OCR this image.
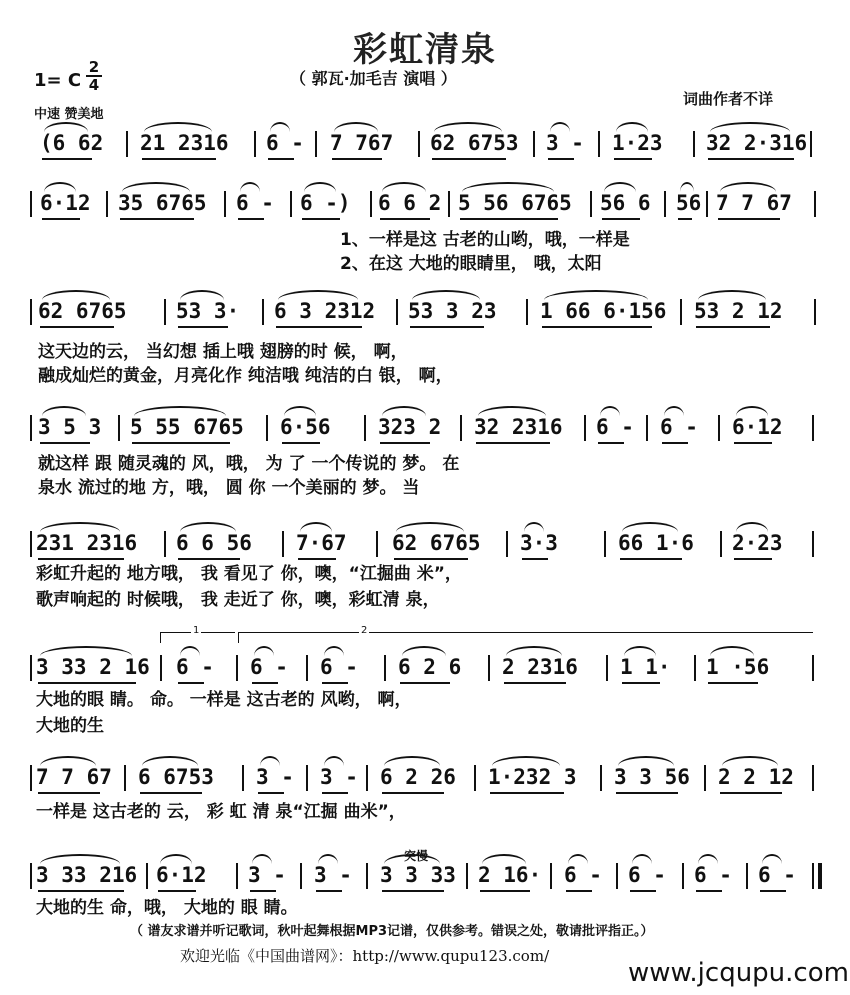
彩虹清泉
（ 郭瓦·加毛吉 演唱 ）
词曲作者不详
1= C
2
4
中速 赞美地
突慢
(6 62 21 2316 6 - 7 767 62 6753 3 - 1·23 32 2·316
6·12 35 6765 6 - 6 -) 6 6 2 5 56 6765 56 6 56 7 7 67
1、一样是这 古老的山哟，哦，一样是
2、在这 大地的眼睛里， 哦，太阳
62 6765 53 3· 6 3 2312 53 3 23 1 66 6·156 53 2 12
这天边的云， 当幻想 插上哦 翅膀的时 候， 啊，
融成灿烂的黄金，月亮化作 纯洁哦 纯洁的白 银， 啊，
3 5 3 5 55 6765 6·56 323 2 32 2316 6 - 6 - 6·12
就这样 跟 随灵魂的 风，哦， 为 了 一个传说的 梦。 在
泉水 流过的地 方，哦， 圆 你 一个美丽的 梦。 当
231 2316 6 6 56 7·67 62 6765 3·3	66 1·6 2·23
彩虹升起的 地方哦， 我 看见了 你，噢，“江掘曲 米”，
歌声响起的 时候哦， 我 走近了 你，噢，彩虹清 泉，
3 33 2 16 6 - 6 - 6 - 6 2 6 2 2316 1 1· 1 ·56
大地的眼 睛。 命。 一样是 这古老的 风哟， 啊，
大地的生
7 7 67 6 6753 3 - 3 - 6 2 26 1·232 3 3 3 56 2 2 12
一样是 这古老的 云， 彩 虹 清 泉“江掘 曲米”，
3 33 216 6·12 3 - 3 - 3 3 33 2 16· 6 - 6 - 6 - 6 -
大地的生 命，哦， 大地的 眼 睛。
1	2
（ 谱友求谱并听记歌词，秋叶起舞根据MP3记谱，仅供参考。错误之处，敬请批评指正。）
欢迎光临《中国曲谱网》：http://www.qupu123.com/
www.jcqupu.com
